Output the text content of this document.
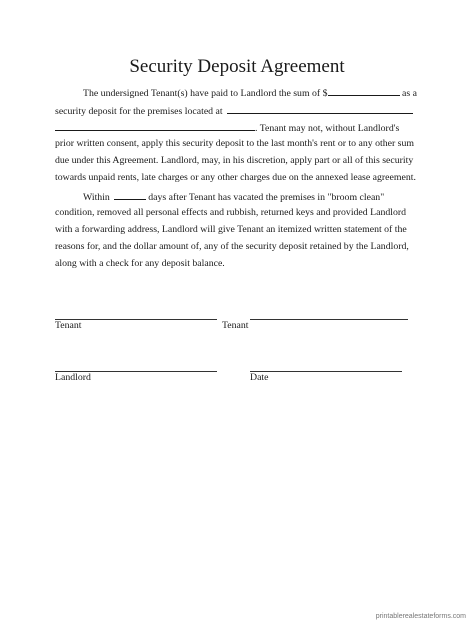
Security Deposit Agreement
The undersigned Tenant(s) have paid to Landlord the sum of $	as a
security deposit for the premises located at
. Tenant may not, without Landlord's
prior written consent, apply this security deposit to the last month's rent or to any other sum
due under this Agreement. Landlord, may, in his discretion, apply part or all of this security
towards unpaid rents, late charges or any other charges due on the annexed lease agreement.
Within	days after Tenant has vacated the premises in "broom clean"
condition, removed all personal effects and rubbish, returned keys and provided Landlord
with a forwarding address, Landlord will give Tenant an itemized written statement of the
reasons for, and the dollar amount of, any of the security deposit retained by the Landlord,
along with a check for any deposit balance.
Tenant	Tenant
Landlord	Date
printablerealestateforms.com
